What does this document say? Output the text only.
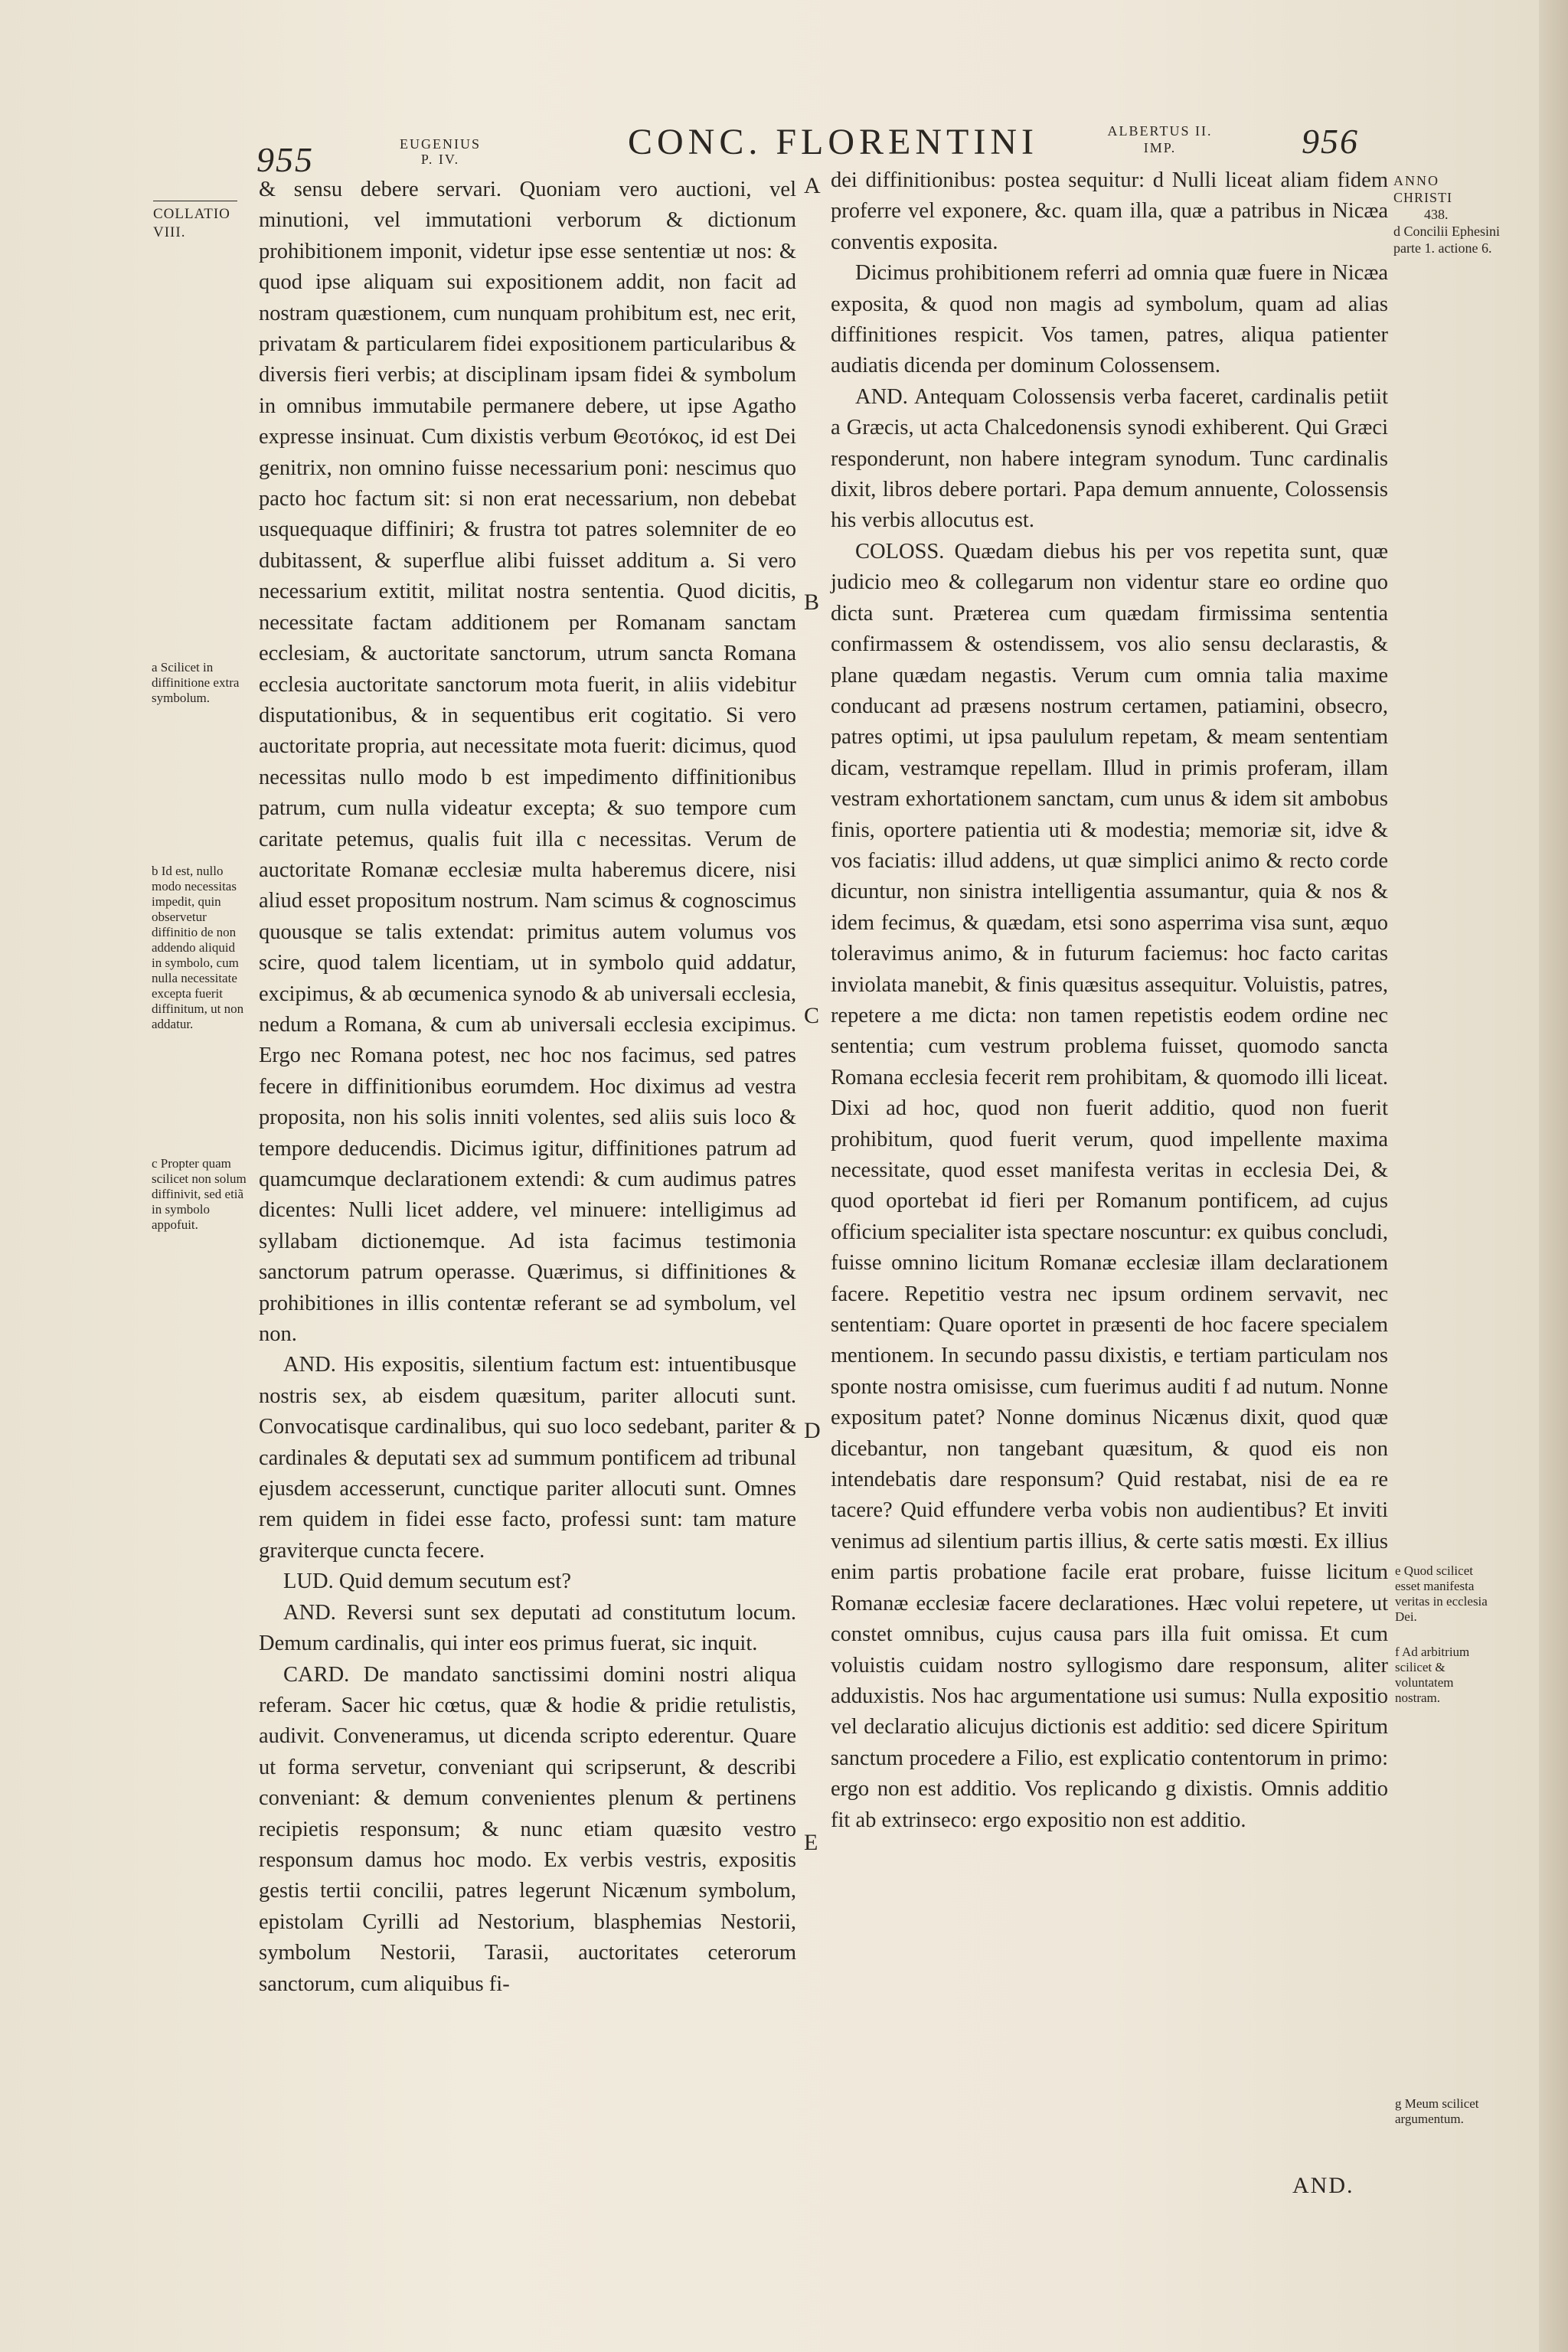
955	EUGENIUS
P. IV.	CONC. FLORENTINI	ALBERTUS II.
IMP.	956
COLLATIO
VIII.
a Scilicet in diffinitione extra symbolum.
b Id est, nullo modo necessitas impedit, quin observetur diffinitio de non addendo aliquid in symbolo, cum nulla necessitate excepta fuerit diffinitum, ut non addatur.
c Propter quam scilicet non solum diffinivit, sed etiã in symbolo appofuit.
ANNO
CHRISTI
438.
d Concilii Ephesini parte 1. actione 6.
e Quod scilicet esset manifesta veritas in ecclesia Dei.
f Ad arbitrium scilicet & voluntatem nostram.
g Meum scilicet argumentum.
A
B
C
D
E

& sensu debere servari. Quoniam vero auctioni, vel minutioni, vel immutationi verborum & dictionum prohibitionem imponit, videtur ipse esse sententiæ ut nos: & quod ipse aliquam sui expositionem addit, non facit ad nostram quæstionem, cum nunquam prohibitum est, nec erit, privatam & particularem fidei expositionem particularibus & diversis fieri verbis; at disciplinam ipsam fidei & symbolum in omnibus immutabile permanere debere, ut ipse Agatho expresse insinuat. Cum dixistis verbum Θεοτόκος, id est Dei genitrix, non omnino fuisse necessarium poni: nescimus quo pacto hoc factum sit: si non erat necessarium, non debebat usquequaque diffiniri; & frustra tot patres solemniter de eo dubitassent, & superflue alibi fuisset additum a. Si vero necessarium extitit, militat nostra sententia. Quod dicitis, necessitate factam additionem per Romanam sanctam ecclesiam, & auctoritate sanctorum, utrum sancta Romana ecclesia auctoritate sanctorum mota fuerit, in aliis videbitur disputationibus, & in sequentibus erit cogitatio. Si vero auctoritate propria, aut necessitate mota fuerit: dicimus, quod necessitas nullo modo b est impedimento diffinitionibus patrum, cum nulla videatur excepta; & suo tempore cum caritate petemus, qualis fuit illa c necessitas. Verum de auctoritate Romanæ ecclesiæ multa haberemus dicere, nisi aliud esset propositum nostrum. Nam scimus & cognoscimus quousque se talis extendat: primitus autem volumus vos scire, quod talem licentiam, ut in symbolo quid addatur, excipimus, & ab œcumenica synodo & ab universali ecclesia, nedum a Romana, & cum ab universali ecclesia excipimus. Ergo nec Romana potest, nec hoc nos facimus, sed patres fecere in diffinitionibus eorumdem. Hoc diximus ad vestra proposita, non his solis inniti volentes, sed aliis suis loco & tempore deducendis. Dicimus igitur, diffinitiones patrum ad quamcumque declarationem extendi: & cum audimus patres dicentes: Nulli licet addere, vel minuere: intelligimus ad syllabam dictionemque. Ad ista facimus testimonia sanctorum patrum operasse. Quærimus, si diffinitiones & prohibitiones in illis contentæ referant se ad symbolum, vel non.

AND. His expositis, silentium factum est: intuentibusque nostris sex, ab eisdem quæsitum, pariter allocuti sunt. Convocatisque cardinalibus, qui suo loco sedebant, pariter & cardinales & deputati sex ad summum pontificem ad tribunal ejusdem accesserunt, cunctique pariter allocuti sunt. Omnes rem quidem in fidei esse facto, professi sunt: tam mature graviterque cuncta fecere.

LUD. Quid demum secutum est?

AND. Reversi sunt sex deputati ad constitutum locum. Demum cardinalis, qui inter eos primus fuerat, sic inquit.

CARD. De mandato sanctissimi domini nostri aliqua referam. Sacer hic cœtus, quæ & hodie & pridie retulistis, audivit. Conveneramus, ut dicenda scripto ederentur. Quare ut forma servetur, conveniant qui scripserunt, & describi conveniant: & demum convenientes plenum & pertinens recipietis responsum; & nunc etiam quæsito vestro responsum damus hoc modo. Ex verbis vestris, expositis gestis tertii concilii, patres legerunt Nicænum symbolum, epistolam Cyrilli ad Nestorium, blasphemias Nestorii, symbolum Nestorii, Tarasii, auctoritates ceterorum sanctorum, cum aliquibus fi-

dei diffinitionibus: postea sequitur: d Nulli liceat aliam fidem proferre vel exponere, &c. quam illa, quæ a patribus in Nicæa conventis exposita.

Dicimus prohibitionem referri ad omnia quæ fuere in Nicæa exposita, & quod non magis ad symbolum, quam ad alias diffinitiones respicit. Vos tamen, patres, aliqua patienter audiatis dicenda per dominum Colossensem.

AND. Antequam Colossensis verba faceret, cardinalis petiit a Græcis, ut acta Chalcedonensis synodi exhiberent. Qui Græci responderunt, non habere integram synodum. Tunc cardinalis dixit, libros debere portari. Papa demum annuente, Colossensis his verbis allocutus est.

COLOSS. Quædam diebus his per vos repetita sunt, quæ judicio meo & collegarum non videntur stare eo ordine quo dicta sunt. Præterea cum quædam firmissima sententia confirmassem & ostendissem, vos alio sensu declarastis, & plane quædam negastis. Verum cum omnia talia maxime conducant ad præsens nostrum certamen, patiamini, obsecro, patres optimi, ut ipsa paululum repetam, & meam sententiam dicam, vestramque repellam. Illud in primis proferam, illam vestram exhortationem sanctam, cum unus & idem sit ambobus finis, oportere patientia uti & modestia; memoriæ sit, idve & vos faciatis: illud addens, ut quæ simplici animo & recto corde dicuntur, non sinistra intelligentia assumantur, quia & nos & idem fecimus, & quædam, etsi sono asperrima visa sunt, æquo toleravimus animo, & in futurum faciemus: hoc facto caritas inviolata manebit, & finis quæsitus assequitur. Voluistis, patres, repetere a me dicta: non tamen repetistis eodem ordine nec sententia; cum vestrum problema fuisset, quomodo sancta Romana ecclesia fecerit rem prohibitam, & quomodo illi liceat. Dixi ad hoc, quod non fuerit additio, quod non fuerit prohibitum, quod fuerit verum, quod impellente maxima necessitate, quod esset manifesta veritas in ecclesia Dei, & quod oportebat id fieri per Romanum pontificem, ad cujus officium specialiter ista spectare noscuntur: ex quibus concludi, fuisse omnino licitum Romanæ ecclesiæ illam declarationem facere. Repetitio vestra nec ipsum ordinem servavit, nec sententiam: Quare oportet in præsenti de hoc facere specialem mentionem. In secundo passu dixistis, e tertiam particulam nos sponte nostra omisisse, cum fuerimus auditi f ad nutum. Nonne expositum patet? Nonne dominus Nicænus dixit, quod quæ dicebantur, non tangebant quæsitum, & quod eis non intendebatis dare responsum? Quid restabat, nisi de ea re tacere? Quid effundere verba vobis non audientibus? Et inviti venimus ad silentium partis illius, & certe satis mœsti. Ex illius enim partis probatione facile erat probare, fuisse licitum Romanæ ecclesiæ facere declarationes. Hæc volui repetere, ut constet omnibus, cujus causa pars illa fuit omissa. Et cum voluistis cuidam nostro syllogismo dare responsum, aliter adduxistis. Nos hac argumentatione usi sumus: Nulla expositio vel declaratio alicujus dictionis est additio: sed dicere Spiritum sanctum procedere a Filio, est explicatio contentorum in primo: ergo non est additio. Vos replicando g dixistis. Omnis additio fit ab extrinseco: ergo expositio non est additio.

AND.
